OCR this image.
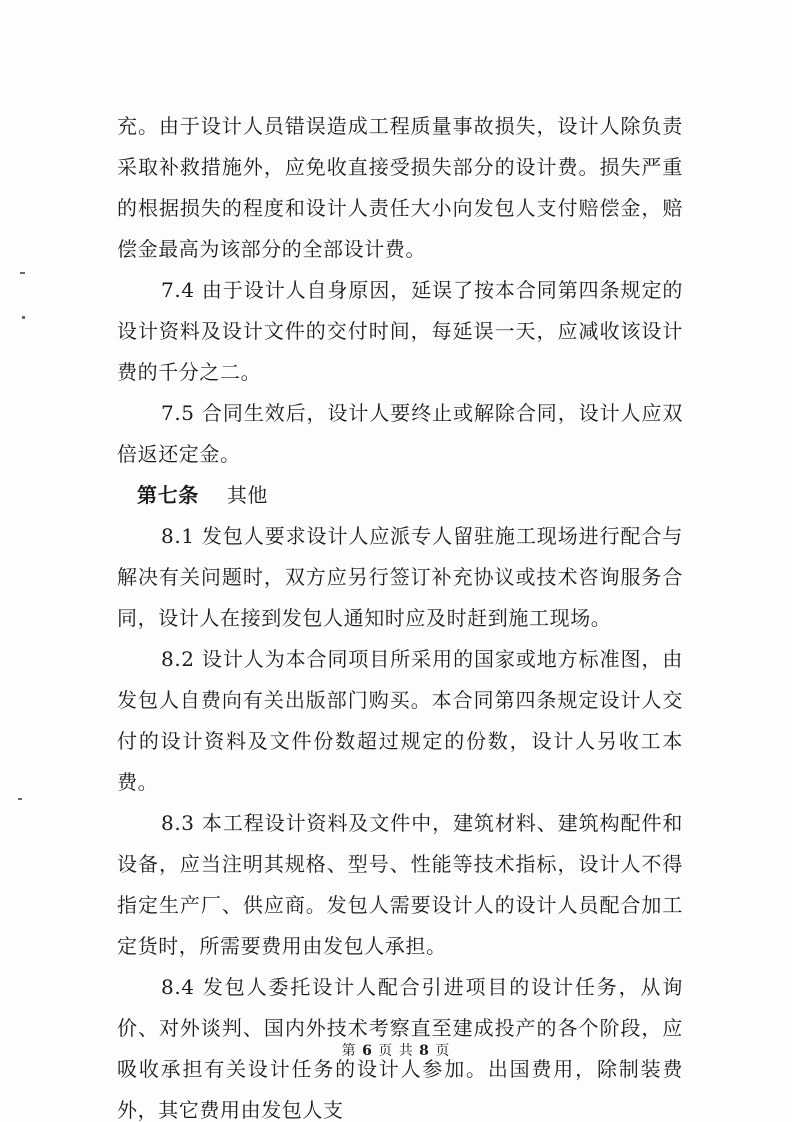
充。由于设计人员错误造成工程质量事故损失，设计人除负责采取补救措施外，应免收直接受损失部分的设计费。损失严重的根据损失的程度和设计人责任大小向发包人支付赔偿金，赔偿金最高为该部分的全部设计费。

7.4 由于设计人自身原因，延误了按本合同第四条规定的设计资料及设计文件的交付时间，每延误一天，应减收该设计费的千分之二。

7.5 合同生效后，设计人要终止或解除合同，设计人应双倍返还定金。

第七条 其他

8.1 发包人要求设计人应派专人留驻施工现场进行配合与解决有关问题时，双方应另行签订补充协议或技术咨询服务合同，设计人在接到发包人通知时应及时赶到施工现场。

8.2 设计人为本合同项目所采用的国家或地方标准图，由发包人自费向有关出版部门购买。本合同第四条规定设计人交付的设计资料及文件份数超过规定的份数，设计人另收工本费。

8.3 本工程设计资料及文件中，建筑材料、建筑构配件和设备，应当注明其规格、型号、性能等技术指标，设计人不得指定生产厂、供应商。发包人需要设计人的设计人员配合加工定货时，所需要费用由发包人承担。

8.4 发包人委托设计人配合引进项目的设计任务，从询价、对外谈判、国内外技术考察直至建成投产的各个阶段，应吸收承担有关设计任务的设计人参加。出国费用，除制装费外，其它费用由发包人支

第 6 页 共 8 页
